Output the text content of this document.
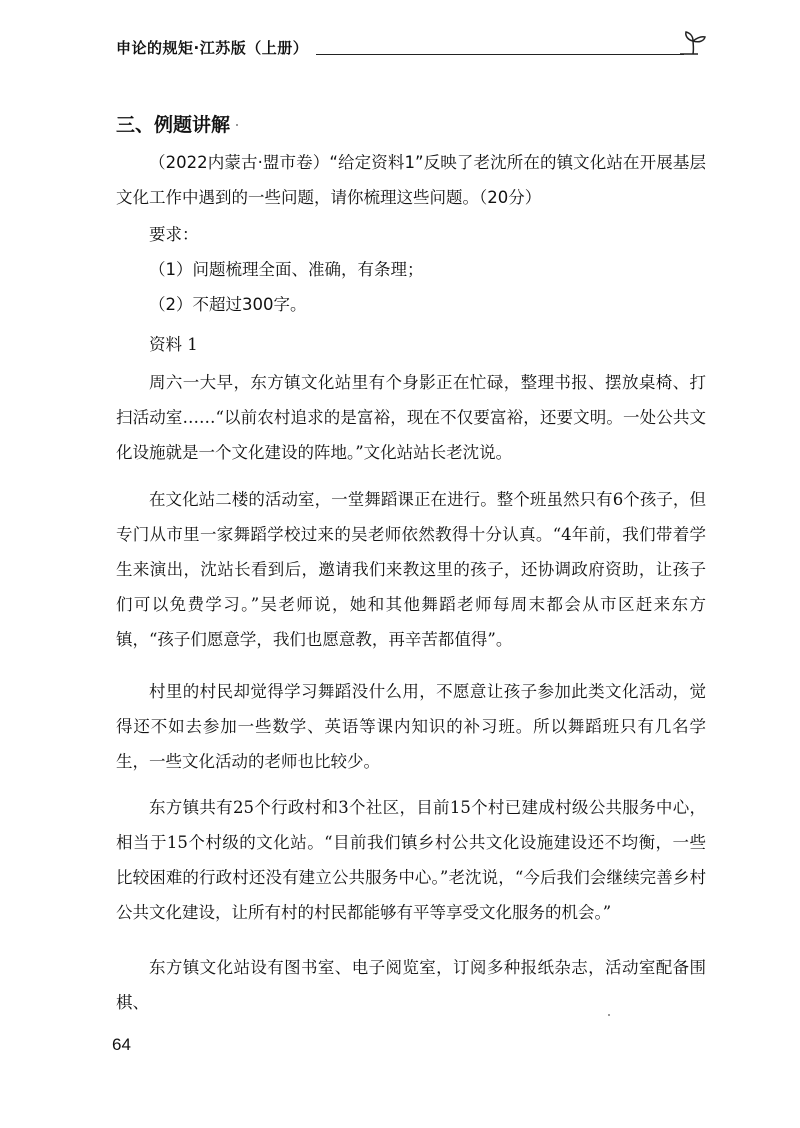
申论的规矩·江苏版（上册）
三、例题讲解

（2022内蒙古·盟市卷）“给定资料1”反映了老沈所在的镇文化站在开展基层文化工作中遇到的一些问题，请你梳理这些问题。（20分）

要求：

（1）问题梳理全面、准确，有条理；

（2）不超过300字。

资料 1

周六一大早，东方镇文化站里有个身影正在忙碌，整理书报、摆放桌椅、打扫活动室……“以前农村追求的是富裕，现在不仅要富裕，还要文明。一处公共文化设施就是一个文化建设的阵地。”文化站站长老沈说。

在文化站二楼的活动室，一堂舞蹈课正在进行。整个班虽然只有6个孩子，但专门从市里一家舞蹈学校过来的吴老师依然教得十分认真。“4年前，我们带着学生来演出，沈站长看到后，邀请我们来教这里的孩子，还协调政府资助，让孩子们可以免费学习。”吴老师说，她和其他舞蹈老师每周末都会从市区赶来东方镇，“孩子们愿意学，我们也愿意教，再辛苦都值得”。

村里的村民却觉得学习舞蹈没什么用，不愿意让孩子参加此类文化活动，觉得还不如去参加一些数学、英语等课内知识的补习班。所以舞蹈班只有几名学生，一些文化活动的老师也比较少。

东方镇共有25个行政村和3个社区，目前15个村已建成村级公共服务中心，相当于15个村级的文化站。“目前我们镇乡村公共文化设施建设还不均衡，一些比较困难的行政村还没有建立公共服务中心。”老沈说，“今后我们会继续完善乡村公共文化建设，让所有村的村民都能够有平等享受文化服务的机会。”

东方镇文化站设有图书室、电子阅览室，订阅多种报纸杂志，活动室配备围棋、

64
